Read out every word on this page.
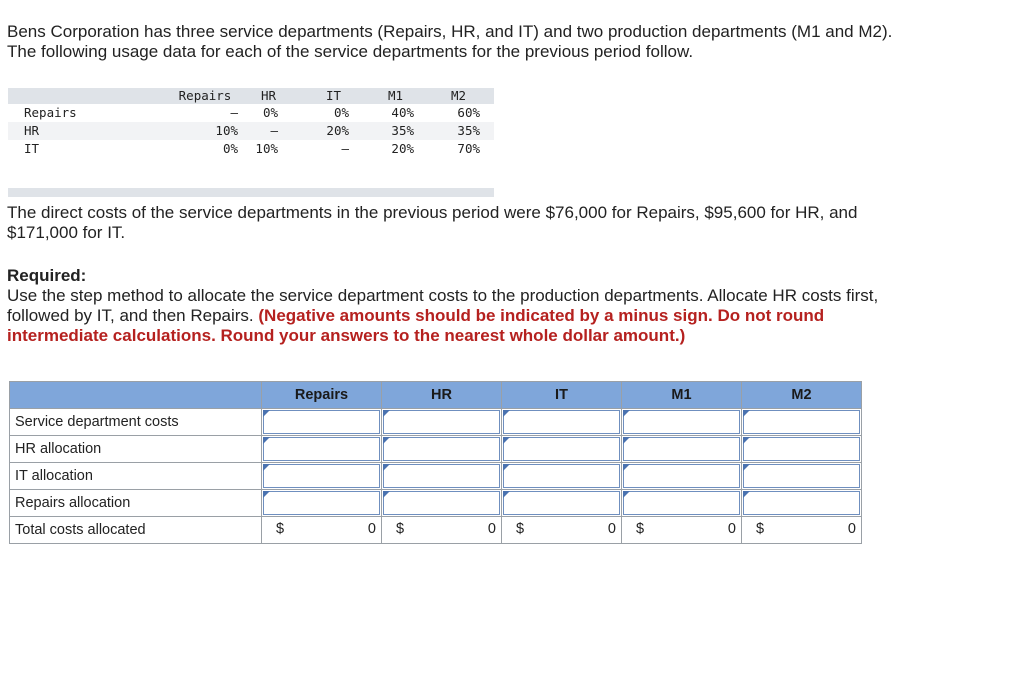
Bens Corporation has three service departments (Repairs, HR, and IT) and two production departments (M1 and M2).
The following usage data for each of the service departments for the previous period follow.
Repairs	HR	IT	M1	M2
Repairs	—	0%	0%	40%	60%
HR	10%	—	20%	35%	35%
IT	0%	10%	—	20%	70%
The direct costs of the service departments in the previous period were $76,000 for Repairs, $95,600 for HR, and
$171,000 for IT.
Required:
Use the step method to allocate the service department costs to the production departments. Allocate HR costs first,
followed by IT, and then Repairs. (Negative amounts should be indicated by a minus sign. Do not round
intermediate calculations. Round your answers to the nearest whole dollar amount.)
	Repairs	HR	IT	M1	M2
Service department costs	

HR allocation	

IT allocation	

Repairs allocation	

Total costs allocated	$ 0	$ 0	$ 0	$ 0	$ 0
